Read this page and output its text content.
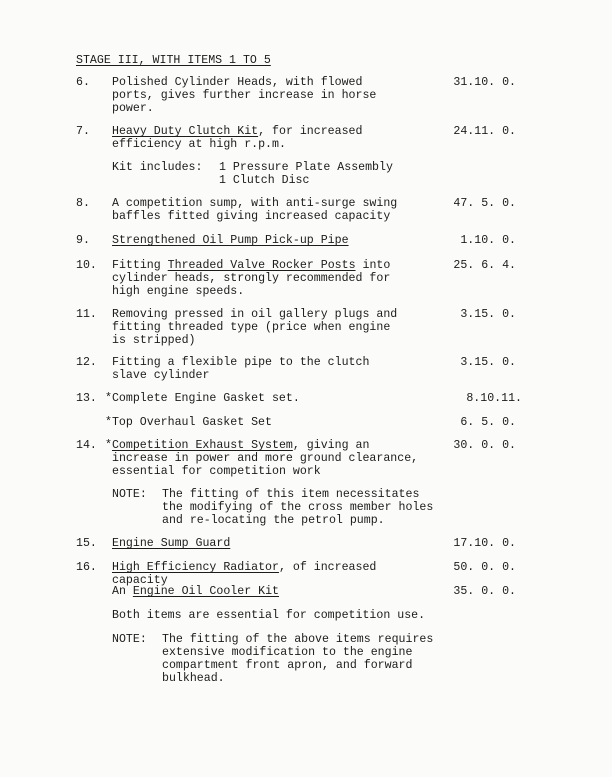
STAGE III, WITH ITEMS 1 TO 5
6. Polished Cylinder Heads, with flowed
ports, gives further increase in horse
power.
31.10. 0.
7. Heavy Duty Clutch Kit, for increased
efficiency at high r.p.m.
24.11. 0.
Kit includes: 1 Pressure Plate Assembly
1 Clutch Disc
8. A competition sump, with anti-surge swing
baffles fitted giving increased capacity
47. 5. 0.
9. Strengthened Oil Pump Pick-up Pipe	1.10. 0.
10. Fitting Threaded Valve Rocker Posts into
cylinder heads, strongly recommended for
high engine speeds.
25. 6. 4.
11. Removing pressed in oil gallery plugs and
fitting threaded type (price when engine
is stripped)
3.15. 0.
12. Fitting a flexible pipe to the clutch
slave cylinder
3.15. 0.
13. *Complete Engine Gasket set.	8.10.11.
*Top Overhaul Gasket Set	6. 5. 0.
14. *Competition Exhaust System, giving an
increase in power and more ground clearance,
essential for competition work
30. 0. 0.
NOTE: The fitting of this item necessitates
the modifying of the cross member holes
and re-locating the petrol pump.
15. Engine Sump Guard	17.10. 0.
16. High Efficiency Radiator, of increased
capacity
50. 0. 0.
An Engine Oil Cooler Kit	35. 0. 0.
Both items are essential for competition use.
NOTE: The fitting of the above items requires
extensive modification to the engine
compartment front apron, and forward
bulkhead.
